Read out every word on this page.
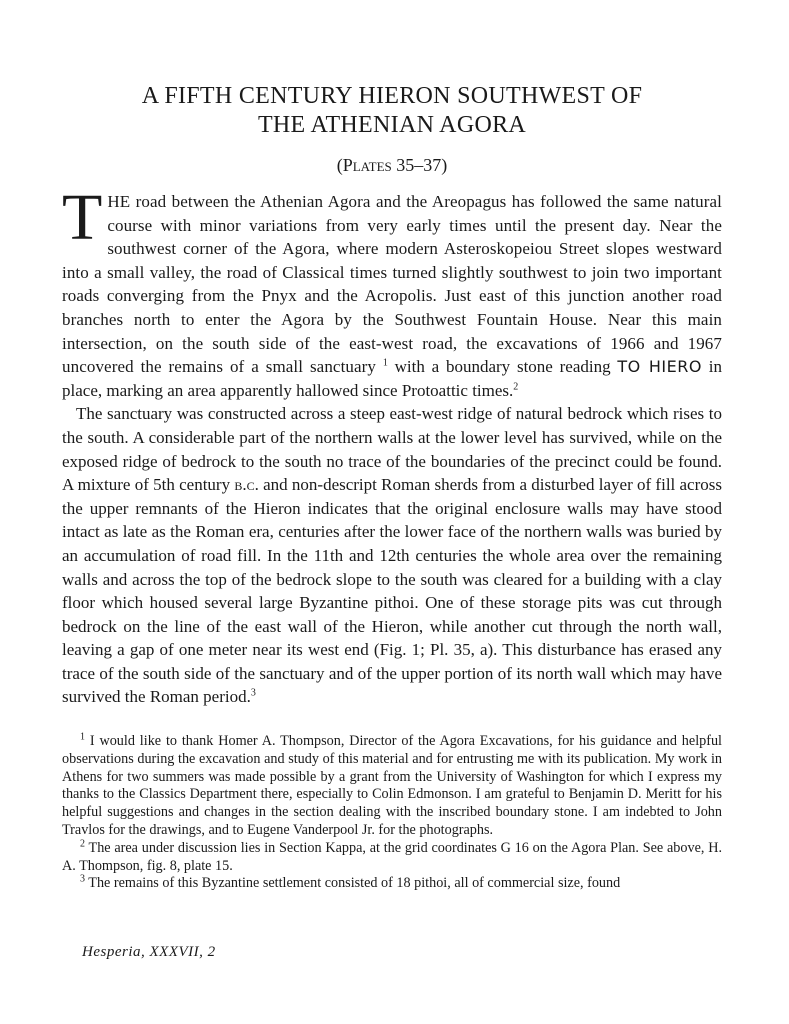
A FIFTH CENTURY HIERON SOUTHWEST OF
THE ATHENIAN AGORA
(Plates 35–37)

THE road between the Athenian Agora and the Areopagus has followed the same natural course with minor variations from very early times until the present day. Near the southwest corner of the Agora, where modern Asteroskopeiou Street slopes westward into a small valley, the road of Classical times turned slightly southwest to join two important roads converging from the Pnyx and the Acropolis. Just east of this junction another road branches north to enter the Agora by the Southwest Fountain House. Near this main intersection, on the south side of the east-west road, the excavations of 1966 and 1967 uncovered the remains of a small sanctuary $^1$ with a boundary stone reading TO HIERO in place, marking an area apparently hallowed since Protoattic times.$^2$

The sanctuary was constructed across a steep east-west ridge of natural bedrock which rises to the south. A considerable part of the northern walls at the lower level has survived, while on the exposed ridge of bedrock to the south no trace of the boundaries of the precinct could be found. A mixture of 5th century b.c. and non-descript Roman sherds from a disturbed layer of fill across the upper remnants of the Hieron indicates that the original enclosure walls may have stood intact as late as the Roman era, centuries after the lower face of the northern walls was buried by an accumulation of road fill. In the 11th and 12th centuries the whole area over the remaining walls and across the top of the bedrock slope to the south was cleared for a building with a clay floor which housed several large Byzantine pithoi. One of these storage pits was cut through bedrock on the line of the east wall of the Hieron, while another cut through the north wall, leaving a gap of one meter near its west end (Fig. 1; Pl. 35, a). This disturbance has erased any trace of the south side of the sanctuary and of the upper portion of its north wall which may have survived the Roman period.$^3$

$^1$ I would like to thank Homer A. Thompson, Director of the Agora Excavations, for his guidance and helpful observations during the excavation and study of this material and for entrusting me with its publication. My work in Athens for two summers was made possible by a grant from the University of Washington for which I express my thanks to the Classics Department there, especially to Colin Edmonson. I am grateful to Benjamin D. Meritt for his helpful suggestions and changes in the section dealing with the inscribed boundary stone. I am indebted to John Travlos for the drawings, and to Eugene Vanderpool Jr. for the photographs.

$^2$ The area under discussion lies in Section Kappa, at the grid coordinates G 16 on the Agora Plan. See above, H. A. Thompson, fig. 8, plate 15.

$^3$ The remains of this Byzantine settlement consisted of 18 pithoi, all of commercial size, found

Hesperia, XXXVII, 2
